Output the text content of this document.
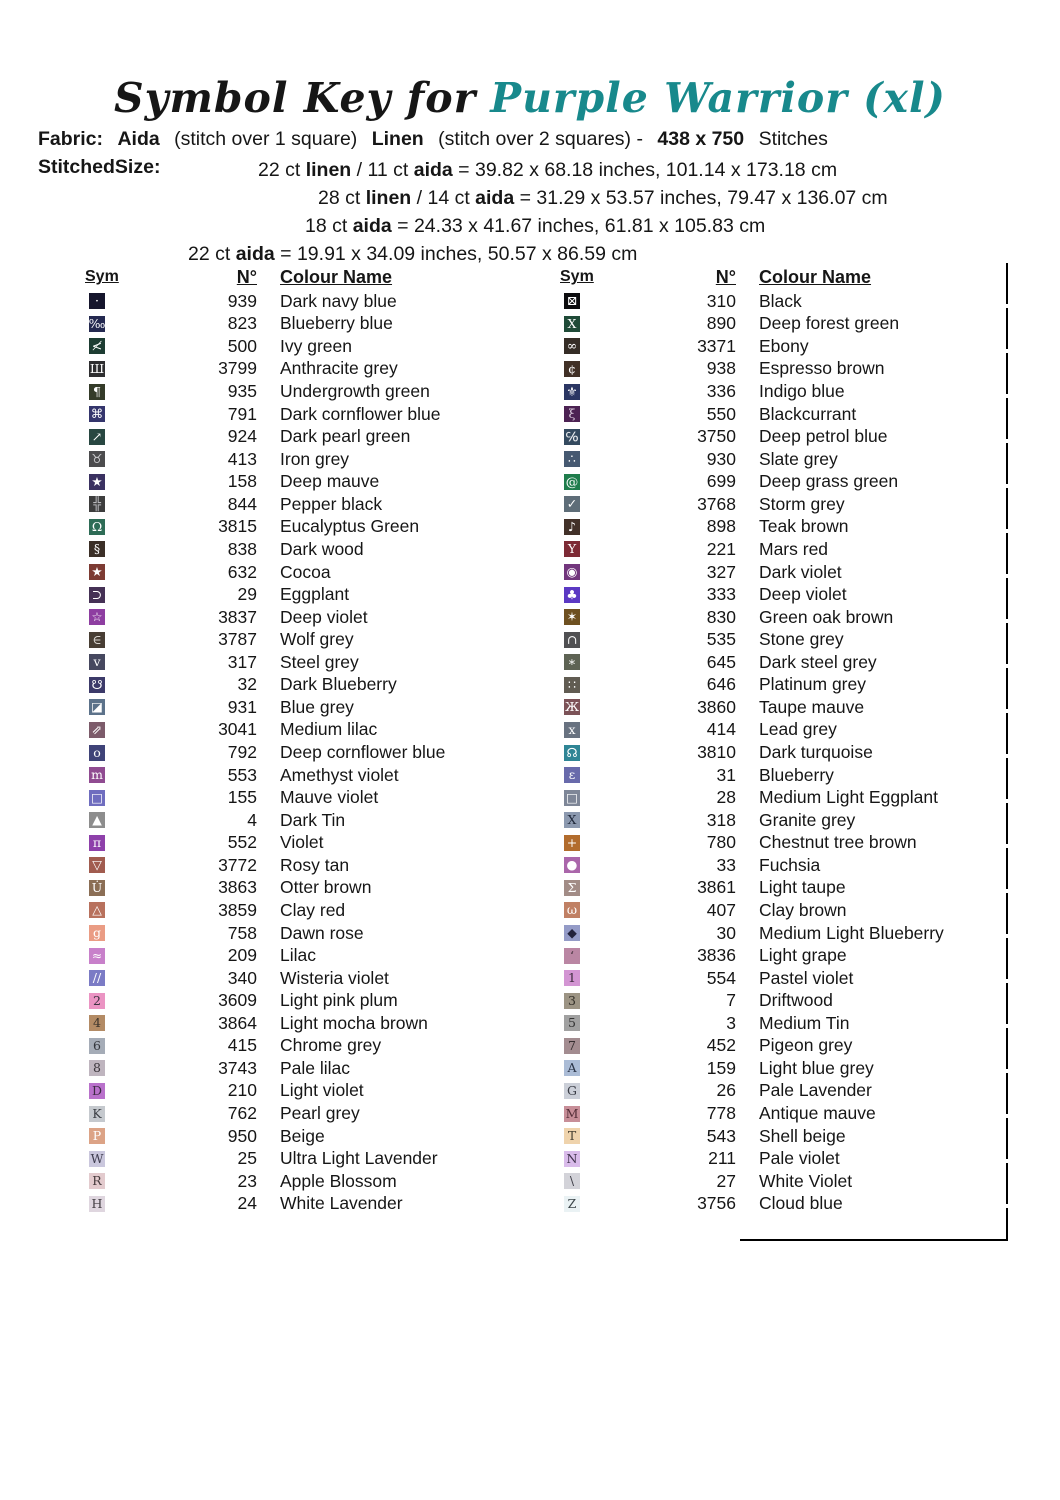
Symbol Key for Purple Warrior (xl)
Fabric: Aida (stitch over 1 square) Linen (stitch over 2 squares) - 438 x 750 Stitches
StitchedSize:	22 ct linen / 11 ct aida = 39.82 x 68.18 inches, 101.14 x 173.18 cm
28 ct linen / 14 ct aida = 31.29 x 53.57 inches, 79.47 x 136.07 cm
18 ct aida = 24.33 x 41.67 inches, 61.81 x 105.83 cm
22 ct aida = 19.91 x 34.09 inches, 50.57 x 86.59 cm
Sym	N° Colour Name
·	939 Dark navy blue
‰	823 Blueberry blue
≮	500 Ivy green
Ш	3799 Anthracite grey
¶	935 Undergrowth green
⌘	791 Dark cornflower blue
↗	924 Dark pearl green
♉	413 Iron grey
★	158 Deep mauve
╬	844 Pepper black
Ω	3815 Eucalyptus Green
§	838 Dark wood
★	632 Cocoa
⊃	29 Eggplant
☆	3837 Deep violet
∈	3787 Wolf grey
v	317 Steel grey
☋	32 Dark Blueberry
◪	931 Blue grey
⇗	3041 Medium lilac
o	792 Deep cornflower blue
m	553 Amethyst violet
□	155 Mauve violet
▲	4 Dark Tin
π	552 Violet
▽	3772 Rosy tan
U̇	3863 Otter brown
△	3859 Clay red
g	758 Dawn rose
≈	209 Lilac
//	340 Wisteria violet
2	3609 Light pink plum
4	3864 Light mocha brown
6	415 Chrome grey
8	3743 Pale lilac
D	210 Light violet
K	762 Pearl grey
P	950 Beige
W	25 Ultra Light Lavender
R	23 Apple Blossom
H	24 White Lavender
Sym	N° Colour Name
⊠	310 Black
X	890 Deep forest green
∞	3371 Ebony
¢	938 Espresso brown
⚜	336 Indigo blue
ξ	550 Blackcurrant
℅	3750 Deep petrol blue
∴	930 Slate grey
@	699 Deep grass green
✓	3768 Storm grey
♪	898 Teak brown
Y	221 Mars red
◉	327 Dark violet
♣	333 Deep violet
✶	830 Green oak brown
∩	535 Stone grey
∗	645 Dark steel grey
∷	646 Platinum grey
Ж	3860 Taupe mauve
x	414 Lead grey
☊	3810 Dark turquoise
ε	31 Blueberry
□	28 Medium Light Eggplant
Χ	318 Granite grey
+	780 Chestnut tree brown
●	33 Fuchsia
Σ	3861 Light taupe
ω	407 Clay brown
◆	30 Medium Light Blueberry
‘	3836 Light grape
1	554 Pastel violet
3	7 Driftwood
5	3 Medium Tin
7	452 Pigeon grey
A	159 Light blue grey
G	26 Pale Lavender
M	778 Antique mauve
T	543 Shell beige
N	211 Pale violet
\	27 White Violet
Z	3756 Cloud blue
